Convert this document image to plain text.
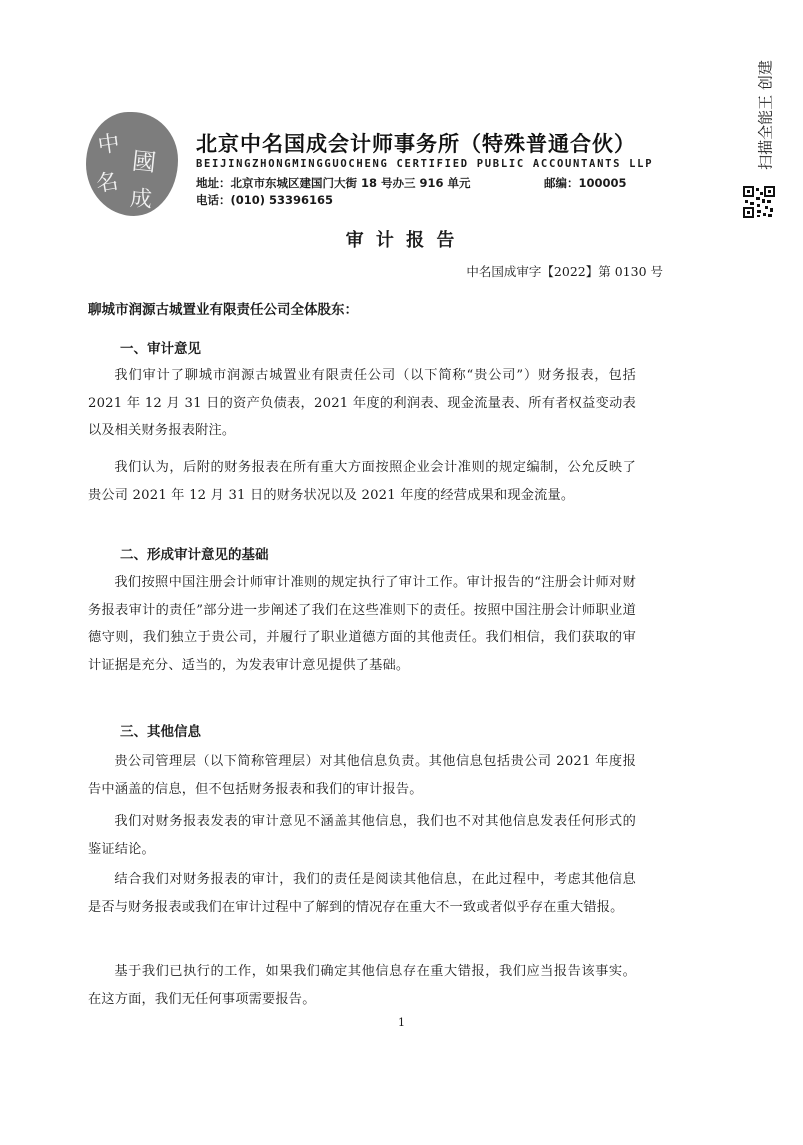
中
國
名
成
北京中名国成会计师事务所（特殊普通合伙）
BEIJINGZHONGMINGGUOCHENG CERTIFIED PUBLIC ACCOUNTANTS LLP
地址：北京市东城区建国门大街 18 号办三 916 单元	邮编：100005
电话：(010) 53396165
扫描全能王 创建
审 计 报 告
中名国成审字【2022】第 0130 号
聊城市润源古城置业有限责任公司全体股东：
一、审计意见
我们审计了聊城市润源古城置业有限责任公司（以下简称“贵公司”）财务报表，包括 2021 年 12 月 31 日的资产负债表，2021 年度的利润表、现金流量表、所有者权益变动表以及相关财务报表附注。
我们认为，后附的财务报表在所有重大方面按照企业会计准则的规定编制，公允反映了贵公司 2021 年 12 月 31 日的财务状况以及 2021 年度的经营成果和现金流量。
二、形成审计意见的基础
我们按照中国注册会计师审计准则的规定执行了审计工作。审计报告的“注册会计师对财务报表审计的责任”部分进一步阐述了我们在这些准则下的责任。按照中国注册会计师职业道德守则，我们独立于贵公司，并履行了职业道德方面的其他责任。我们相信，我们获取的审计证据是充分、适当的，为发表审计意见提供了基础。
三、其他信息
贵公司管理层（以下简称管理层）对其他信息负责。其他信息包括贵公司 2021 年度报告中涵盖的信息，但不包括财务报表和我们的审计报告。
我们对财务报表发表的审计意见不涵盖其他信息，我们也不对其他信息发表任何形式的鉴证结论。
结合我们对财务报表的审计，我们的责任是阅读其他信息，在此过程中，考虑其他信息是否与财务报表或我们在审计过程中了解到的情况存在重大不一致或者似乎存在重大错报。
基于我们已执行的工作，如果我们确定其他信息存在重大错报，我们应当报告该事实。在这方面，我们无任何事项需要报告。
1
